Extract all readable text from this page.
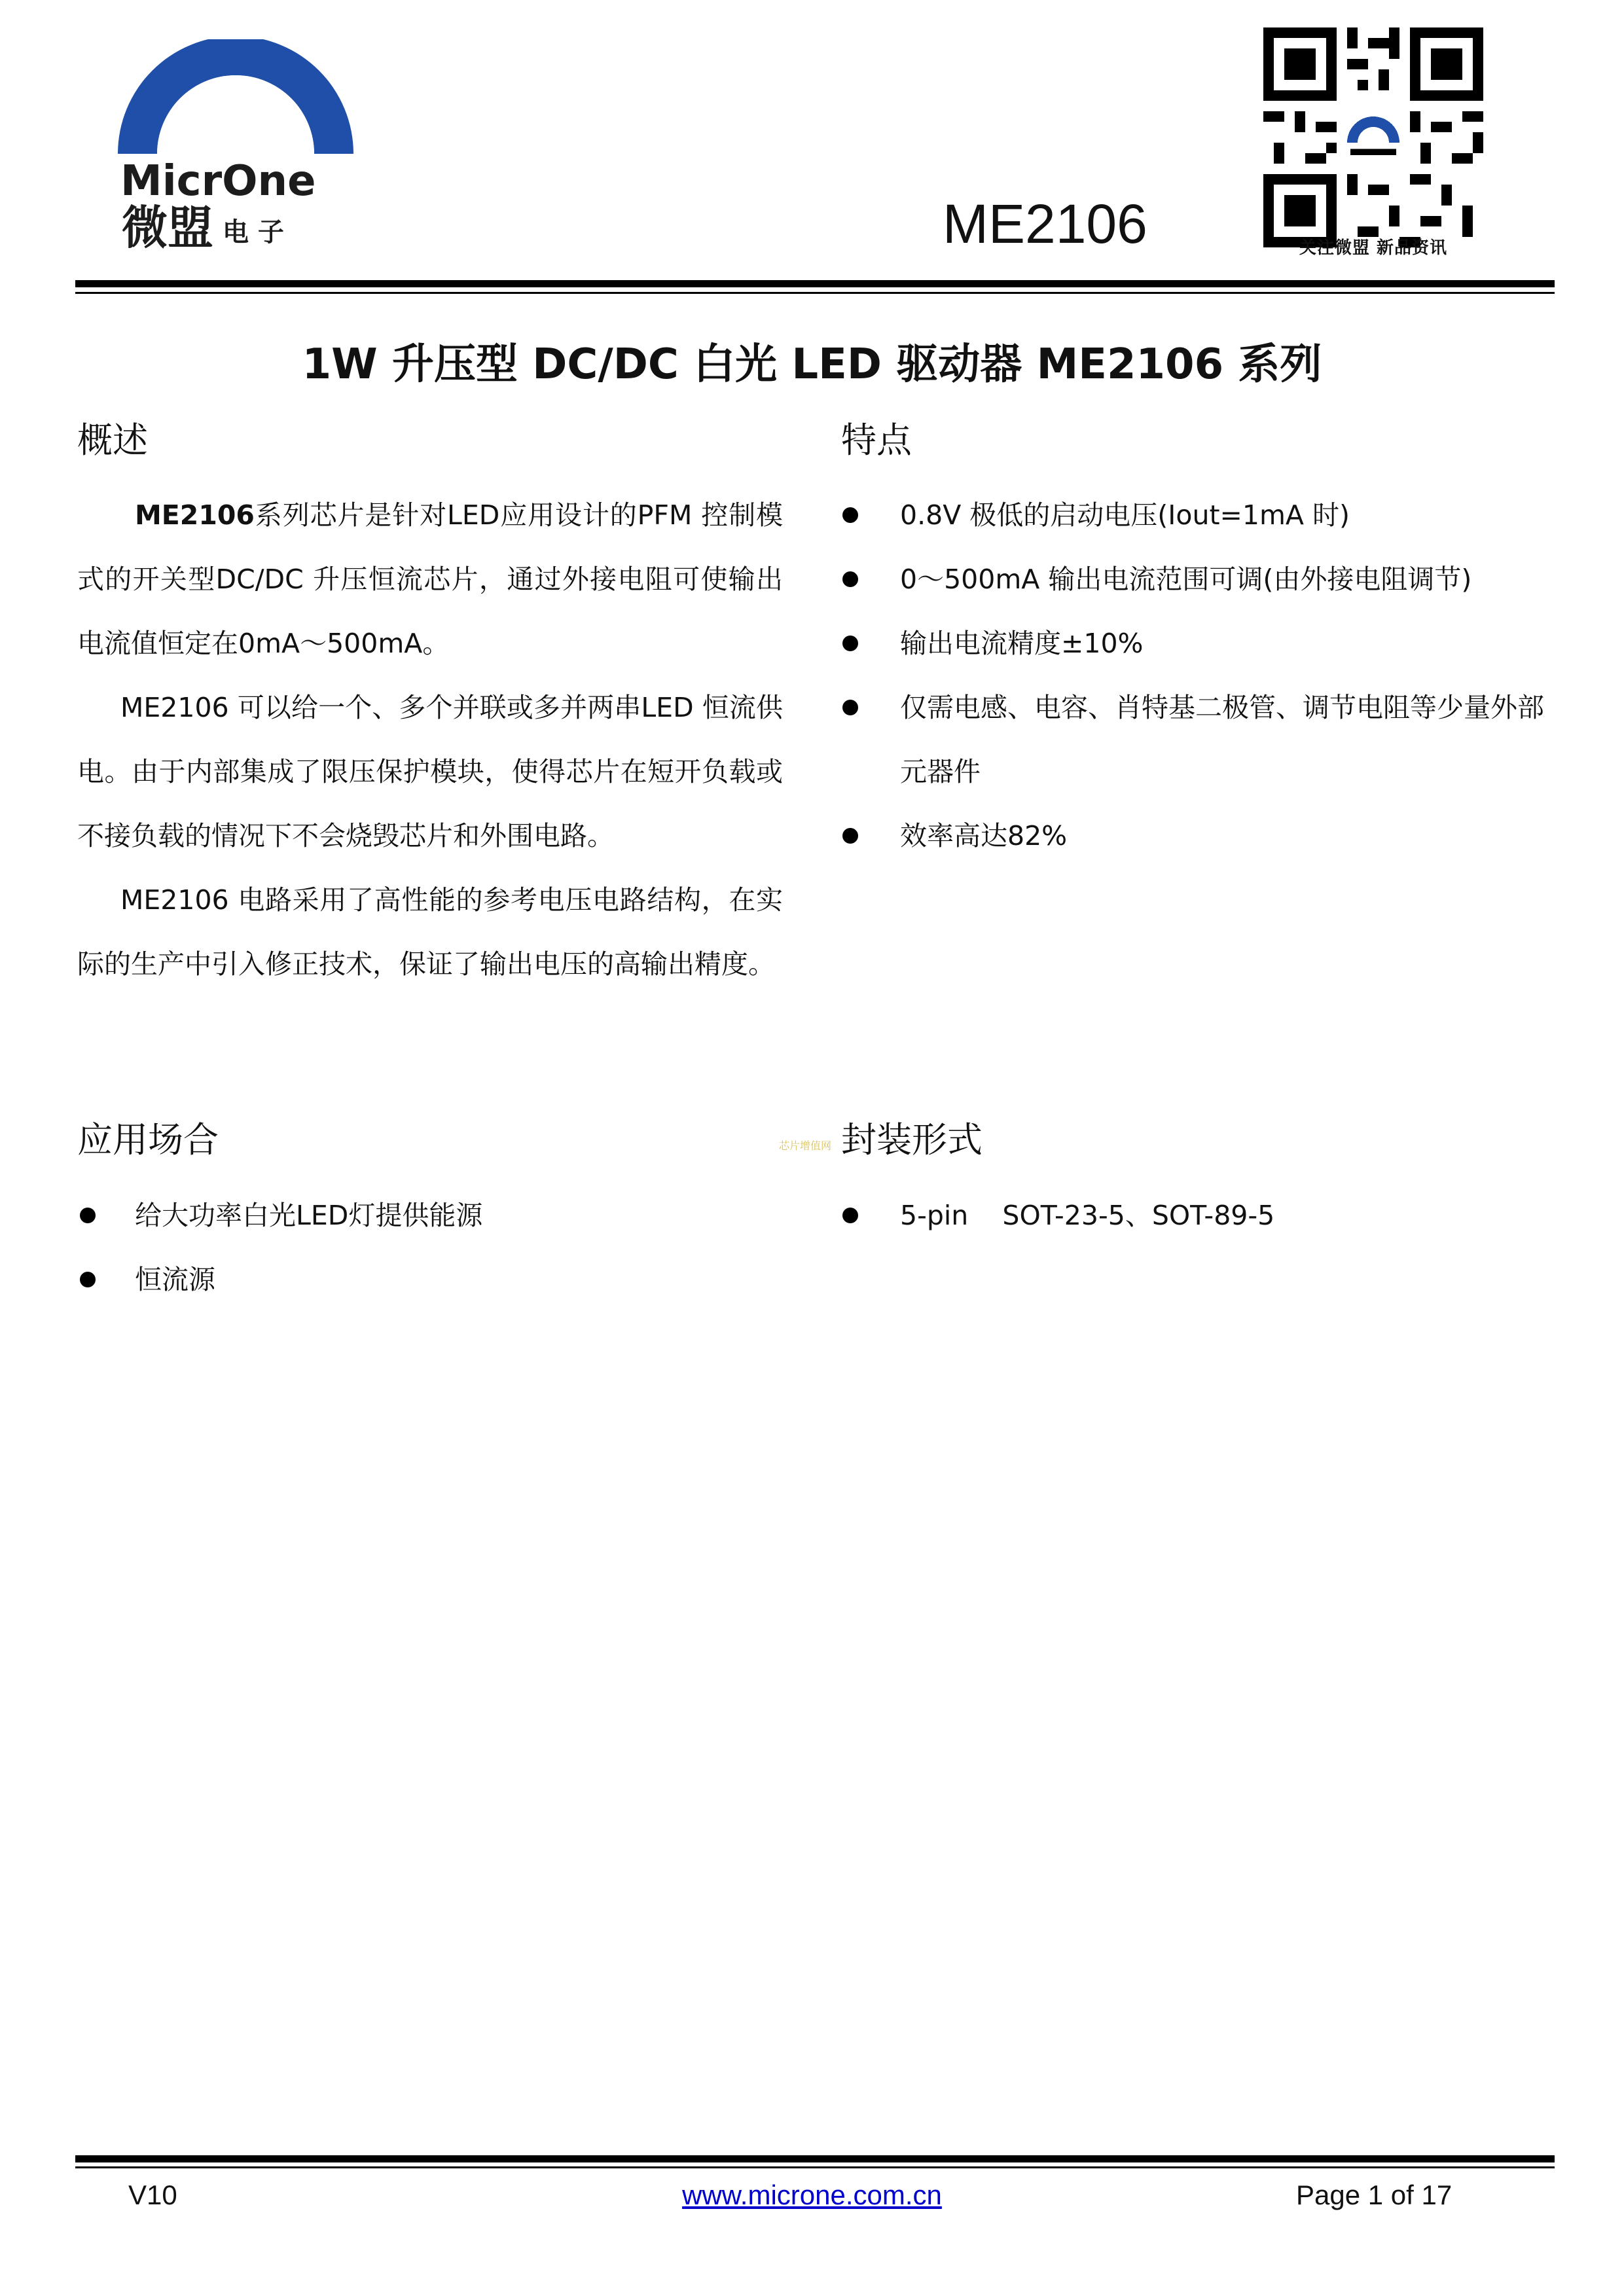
MicrOne
微盟 电 子	ME2106	关注微盟 新品资讯
1W 升压型 DC/DC 白光 LED 驱动器 ME2106 系列
概述
ME2106系列芯片是针对LED应用设计的PFM 控制模式的开关型DC/DC 升压恒流芯片，通过外接电阻可使输出电流值恒定在0mA～500mA。
ME2106 可以给一个、多个并联或多并两串LED 恒流供电。由于内部集成了限压保护模块，使得芯片在短开负载或不接负载的情况下不会烧毁芯片和外围电路。
ME2106 电路采用了高性能的参考电压电路结构，在实际的生产中引入修正技术，保证了输出电压的高输出精度。
特点
0.8V 极低的启动电压(Iout=1mA 时)
0～500mA 输出电流范围可调(由外接电阻调节)
输出电流精度±10%
仅需电感、电容、肖特基二极管、调节电阻等少量外部元器件
效率高达82%
应用场合
给大功率白光LED灯提供能源
恒流源
芯片增值网 封装形式
5-pin    SOT-23-5、SOT-89-5
V10	www.microne.com.cn	Page 1 of 17
